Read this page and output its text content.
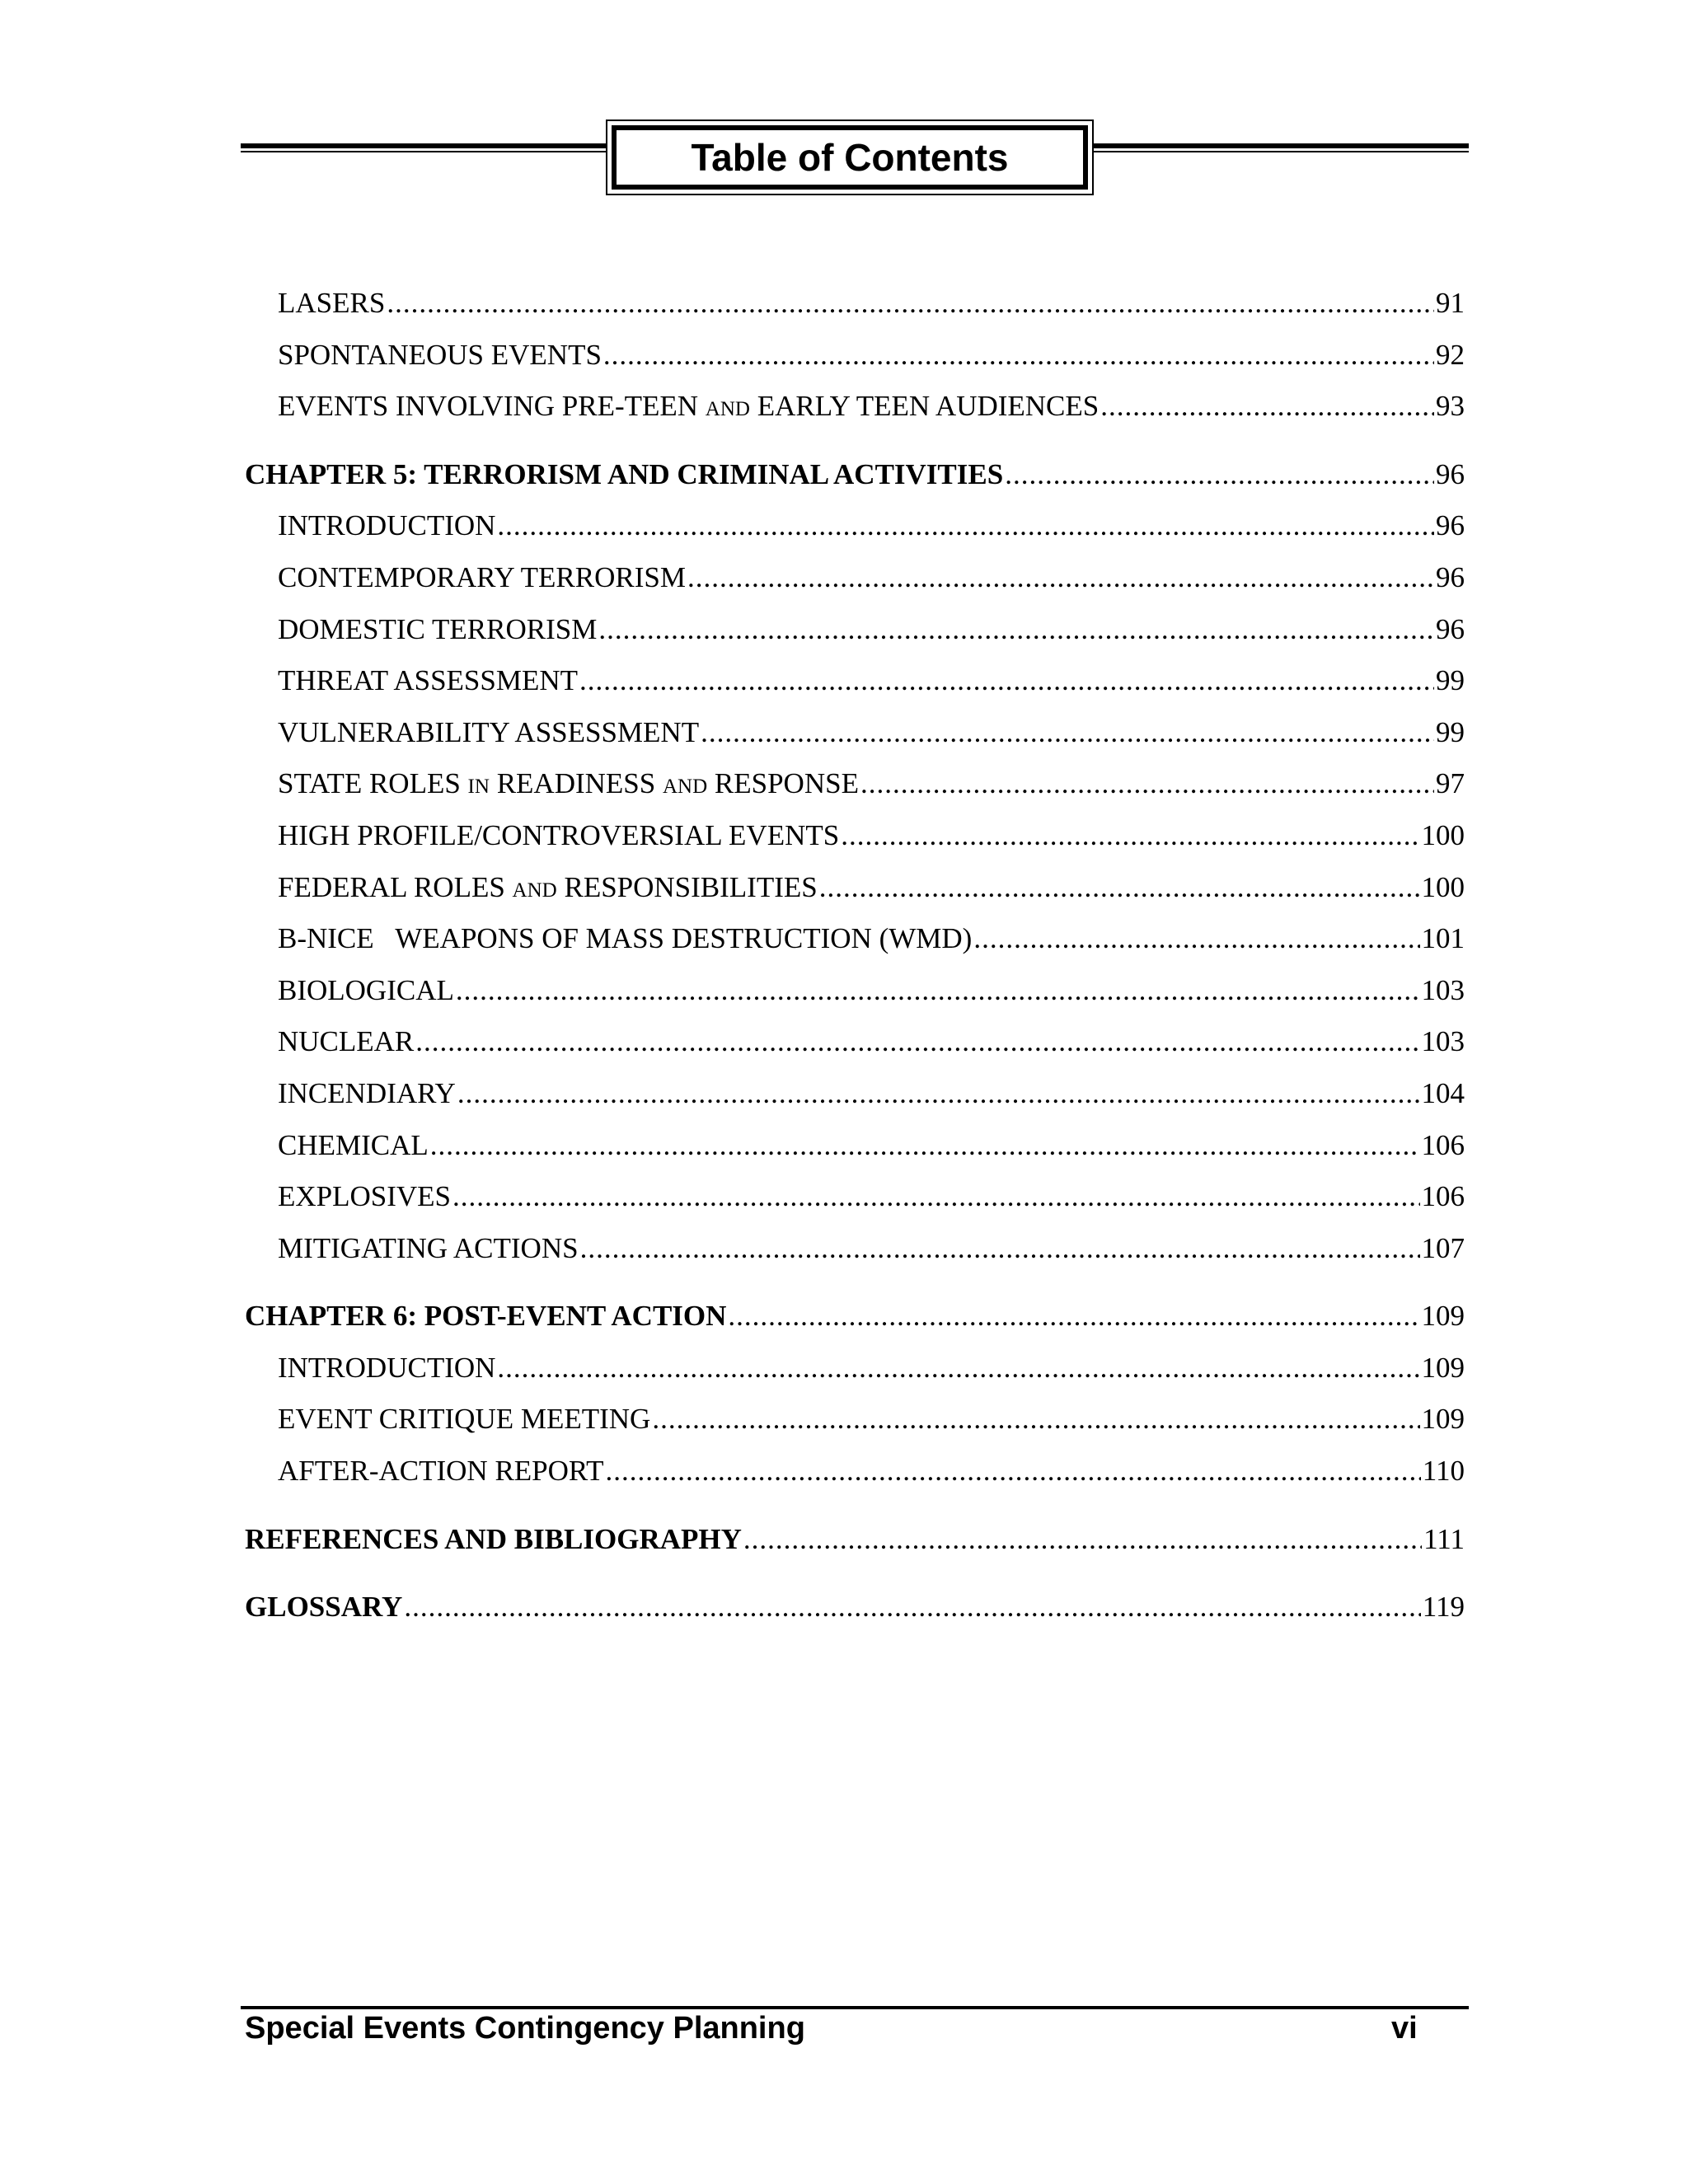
Table of Contents
LASERS .....	91
SPONTANEOUS EVENTS .....	92
EVENTS INVOLVING PRE-TEEN AND EARLY TEEN AUDIENCES .....	93
CHAPTER 5: TERRORISM AND CRIMINAL ACTIVITIES .....	96
INTRODUCTION .....	96
CONTEMPORARY TERRORISM .....	96
DOMESTIC TERRORISM .....	96
THREAT ASSESSMENT .....	99
VULNERABILITY ASSESSMENT .....	99
STATE ROLES IN READINESS AND RESPONSE .....	97
HIGH PROFILE/CONTROVERSIAL EVENTS .....	100
FEDERAL ROLES AND RESPONSIBILITIES .....	100
B-NICE   WEAPONS OF MASS DESTRUCTION (WMD) .....	101
BIOLOGICAL .....	103
NUCLEAR .....	103
INCENDIARY .....	104
CHEMICAL .....	106
EXPLOSIVES .....	106
MITIGATING ACTIONS .....	107
CHAPTER 6: POST-EVENT ACTION .....	109
INTRODUCTION .....	109
EVENT CRITIQUE MEETING .....	109
AFTER-ACTION REPORT .....	110
REFERENCES AND BIBLIOGRAPHY .....	111
GLOSSARY .....	119
Special Events Contingency Planning	vi
